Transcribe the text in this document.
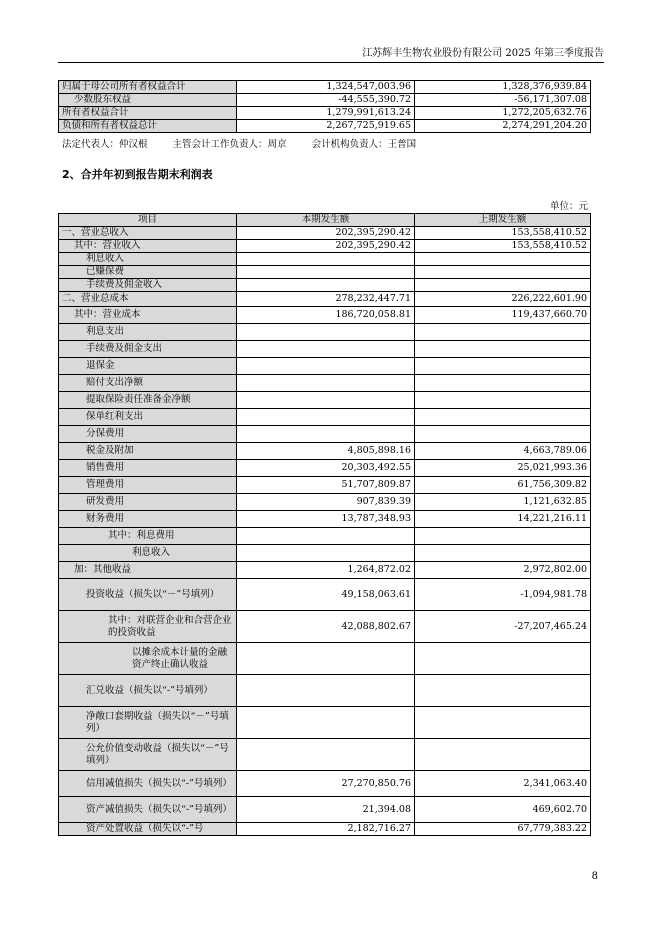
江苏辉丰生物农业股份有限公司 2025 年第三季度报告
归属于母公司所有者权益合计	1,324,547,003.96	1,328,376,939.84
少数股东权益	-44,555,390.72	-56,171,307.08
所有者权益合计	1,279,991,613.24	1,272,205,632.76
负债和所有者权益总计	2,267,725,919.65	2,274,291,204.20
法定代表人：仲汉根	主管会计工作负责人：周京	会计机构负责人：王普国
2、合并年初到报告期末利润表
单位：元
项目	本期发生额	上期发生额
一、营业总收入	202,395,290.42	153,558,410.52
其中：营业收入	202,395,290.42	153,558,410.52
利息收入		
已赚保费		
手续费及佣金收入		
二、营业总成本	278,232,447.71	226,222,601.90
其中：营业成本	186,720,058.81	119,437,660.70
利息支出		
手续费及佣金支出		
退保金		
赔付支出净额		
提取保险责任准备金净额		
保单红利支出		
分保费用		
税金及附加	4,805,898.16	4,663,789.06
销售费用	20,303,492.55	25,021,993.36
管理费用	51,707,809.87	61,756,309.82
研发费用	907,839.39	1,121,632.85
财务费用	13,787,348.93	14,221,216.11
其中：利息费用		
利息收入		
加：其他收益	1,264,872.02	2,972,802.00
投资收益（损失以“－”号填列）	49,158,063.61	-1,094,981.78
其中：对联营企业和合营企业的投资收益	42,088,802.67	-27,207,465.24
以摊余成本计量的金融资产终止确认收益		
汇兑收益（损失以“-”号填列）		
净敞口套期收益（损失以“－”号填列）		
公允价值变动收益（损失以“－”号填列）		
信用减值损失（损失以“-”号填列）	27,270,850.76	2,341,063.40
资产减值损失（损失以“-”号填列）	21,394.08	469,602.70
资产处置收益（损失以“-”号	2,182,716.27	67,779,383.22
8
